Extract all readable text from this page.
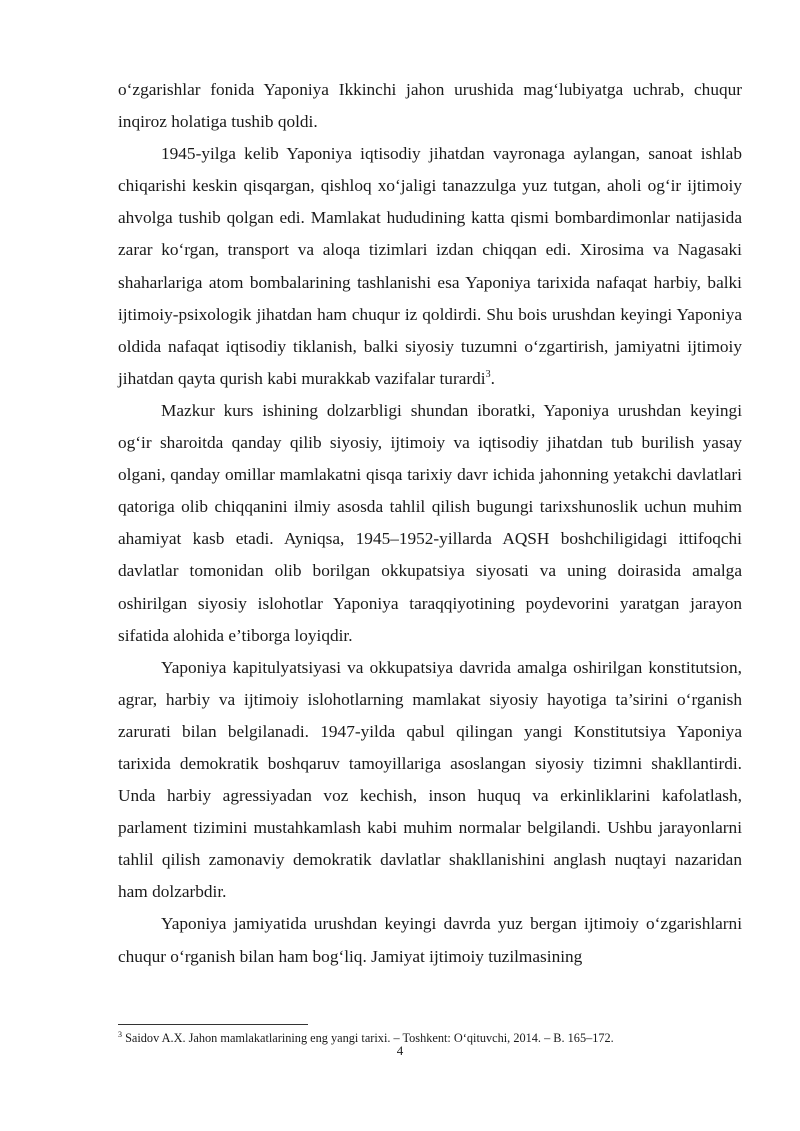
o‘zgarishlar fonida Yaponiya Ikkinchi jahon urushida mag‘lubiyatga uchrab, chuqur inqiroz holatiga tushib qoldi.

1945-yilga kelib Yaponiya iqtisodiy jihatdan vayronaga aylangan, sanoat ishlab chiqarishi keskin qisqargan, qishloq xo‘jaligi tanazzulga yuz tutgan, aholi og‘ir ijtimoiy ahvolga tushib qolgan edi. Mamlakat hududining katta qismi bombardimonlar natijasida zarar ko‘rgan, transport va aloqa tizimlari izdan chiqqan edi. Xirosima va Nagasaki shaharlariga atom bombalarining tashlanishi esa Yaponiya tarixida nafaqat harbiy, balki ijtimoiy-psixologik jihatdan ham chuqur iz qoldirdi. Shu bois urushdan keyingi Yaponiya oldida nafaqat iqtisodiy tiklanish, balki siyosiy tuzumni o‘zgartirish, jamiyatni ijtimoiy jihatdan qayta qurish kabi murakkab vazifalar turardi$^3$.

Mazkur kurs ishining dolzarbligi shundan iboratki, Yaponiya urushdan keyingi og‘ir sharoitda qanday qilib siyosiy, ijtimoiy va iqtisodiy jihatdan tub burilish yasay olgani, qanday omillar mamlakatni qisqa tarixiy davr ichida jahonning yetakchi davlatlari qatoriga olib chiqqanini ilmiy asosda tahlil qilish bugungi tarixshunoslik uchun muhim ahamiyat kasb etadi. Ayniqsa, 1945–1952-yillarda AQSH boshchiligidagi ittifoqchi davlatlar tomonidan olib borilgan okkupatsiya siyosati va uning doirasida amalga oshirilgan siyosiy islohotlar Yaponiya taraqqiyotining poydevorini yaratgan jarayon sifatida alohida e’tiborga loyiqdir.

Yaponiya kapitulyatsiyasi va okkupatsiya davrida amalga oshirilgan konstitutsion, agrar, harbiy va ijtimoiy islohotlarning mamlakat siyosiy hayotiga ta’sirini o‘rganish zarurati bilan belgilanadi. 1947-yilda qabul qilingan yangi Konstitutsiya Yaponiya tarixida demokratik boshqaruv tamoyillariga asoslangan siyosiy tizimni shakllantirdi. Unda harbiy agressiyadan voz kechish, inson huquq va erkinliklarini kafolatlash, parlament tizimini mustahkamlash kabi muhim normalar belgilandi. Ushbu jarayonlarni tahlil qilish zamonaviy demokratik davlatlar shakllanishini anglash nuqtayi nazaridan ham dolzarbdir.

Yaponiya jamiyatida urushdan keyingi davrda yuz bergan ijtimoiy o‘zgarishlarni chuqur o‘rganish bilan ham bog‘liq. Jamiyat ijtimoiy tuzilmasining

$^3$ Saidov A.X. Jahon mamlakatlarining eng yangi tarixi. – Toshkent: O‘qituvchi, 2014. – B. 165–172.

4
